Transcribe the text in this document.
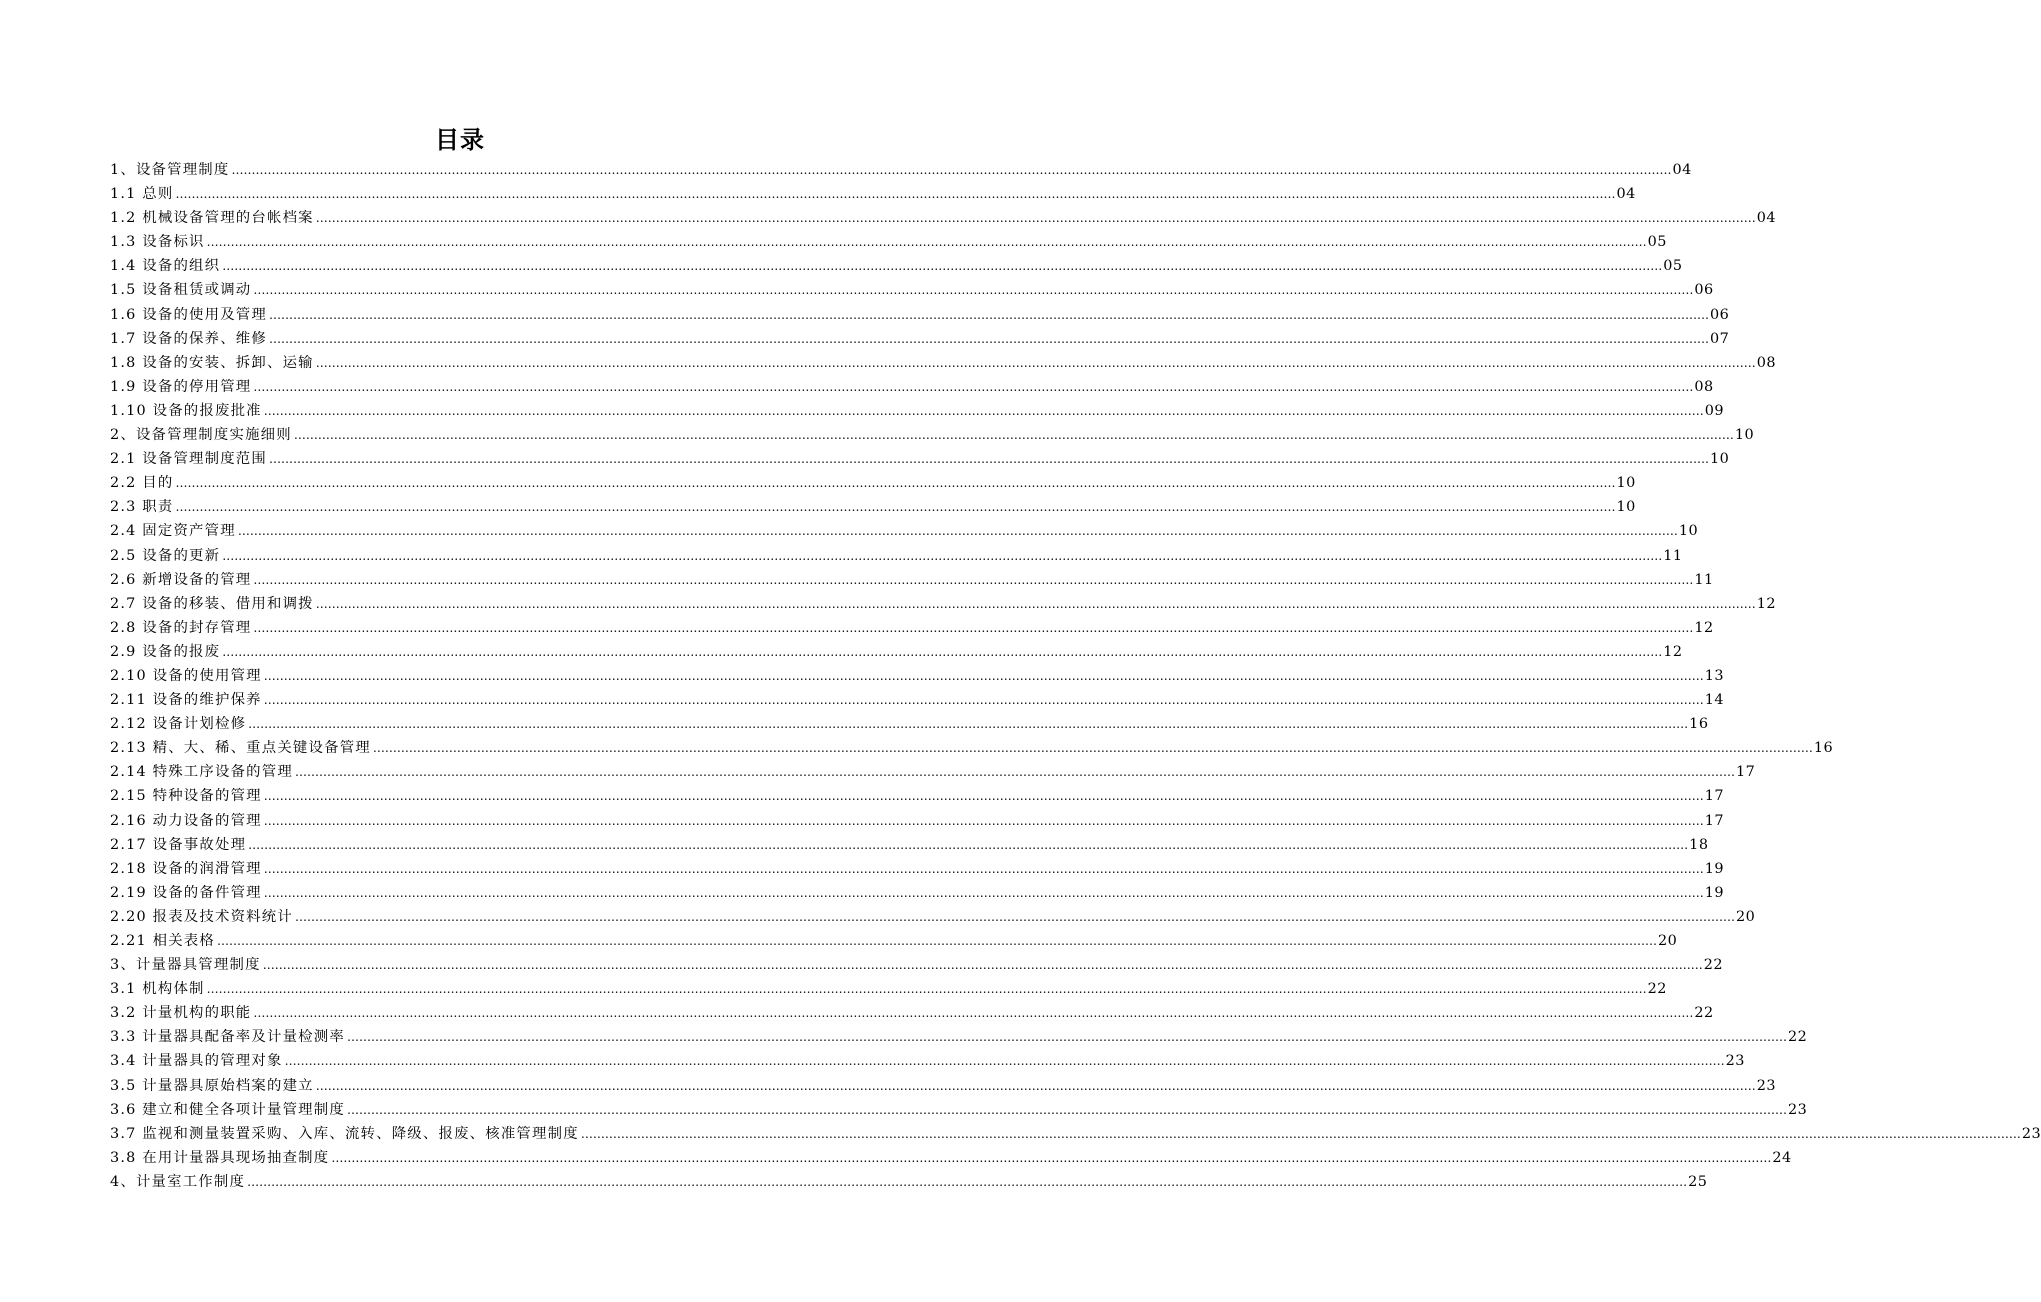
目录
1、设备管理制度 ……………………………………………………………………………………………………………………………………………………………………………………………………………………………………………………………………………………………………………………………… 04
1.1 总则 ……………………………………………………………………………………………………………………………………………………………………………………………………………………………………………………………………………………………………………………………… 04
1.2 机械设备管理的台帐档案 ……………………………………………………………………………………………………………………………………………………………………………………………………………………………………………………………………………………………………………………………… 04
1.3 设备标识 ……………………………………………………………………………………………………………………………………………………………………………………………………………………………………………………………………………………………………………………………… 05
1.4 设备的组织 ……………………………………………………………………………………………………………………………………………………………………………………………………………………………………………………………………………………………………………………………… 05
1.5 设备租赁或调动 ……………………………………………………………………………………………………………………………………………………………………………………………………………………………………………………………………………………………………………………………… 06
1.6 设备的使用及管理 ……………………………………………………………………………………………………………………………………………………………………………………………………………………………………………………………………………………………………………………………… 06
1.7 设备的保养、维修 ……………………………………………………………………………………………………………………………………………………………………………………………………………………………………………………………………………………………………………………………… 07
1.8 设备的安装、拆卸、运输 ……………………………………………………………………………………………………………………………………………………………………………………………………………………………………………………………………………………………………………………………… 08
1.9 设备的停用管理 ……………………………………………………………………………………………………………………………………………………………………………………………………………………………………………………………………………………………………………………………… 08
1.10 设备的报废批准 ……………………………………………………………………………………………………………………………………………………………………………………………………………………………………………………………………………………………………………………………… 09
2、设备管理制度实施细则 ……………………………………………………………………………………………………………………………………………………………………………………………………………………………………………………………………………………………………………………………… 10
2.1 设备管理制度范围 ……………………………………………………………………………………………………………………………………………………………………………………………………………………………………………………………………………………………………………………………… 10
2.2 目的 ……………………………………………………………………………………………………………………………………………………………………………………………………………………………………………………………………………………………………………………………… 10
2.3 职责 ……………………………………………………………………………………………………………………………………………………………………………………………………………………………………………………………………………………………………………………………… 10
2.4 固定资产管理 ……………………………………………………………………………………………………………………………………………………………………………………………………………………………………………………………………………………………………………………………… 10
2.5 设备的更新 ……………………………………………………………………………………………………………………………………………………………………………………………………………………………………………………………………………………………………………………………… 11
2.6 新增设备的管理 ……………………………………………………………………………………………………………………………………………………………………………………………………………………………………………………………………………………………………………………………… 11
2.7 设备的移装、借用和调拨 ……………………………………………………………………………………………………………………………………………………………………………………………………………………………………………………………………………………………………………………………… 12
2.8 设备的封存管理 ……………………………………………………………………………………………………………………………………………………………………………………………………………………………………………………………………………………………………………………………… 12
2.9 设备的报废 ……………………………………………………………………………………………………………………………………………………………………………………………………………………………………………………………………………………………………………………………… 12
2.10 设备的使用管理 ……………………………………………………………………………………………………………………………………………………………………………………………………………………………………………………………………………………………………………………………… 13
2.11 设备的维护保养 ……………………………………………………………………………………………………………………………………………………………………………………………………………………………………………………………………………………………………………………………… 14
2.12 设备计划检修 ……………………………………………………………………………………………………………………………………………………………………………………………………………………………………………………………………………………………………………………………… 16
2.13 精、大、稀、重点关键设备管理 ……………………………………………………………………………………………………………………………………………………………………………………………………………………………………………………………………………………………………………………………… 16
2.14 特殊工序设备的管理 ……………………………………………………………………………………………………………………………………………………………………………………………………………………………………………………………………………………………………………………………… 17
2.15 特种设备的管理 ……………………………………………………………………………………………………………………………………………………………………………………………………………………………………………………………………………………………………………………………… 17
2.16 动力设备的管理 ……………………………………………………………………………………………………………………………………………………………………………………………………………………………………………………………………………………………………………………………… 17
2.17 设备事故处理 ……………………………………………………………………………………………………………………………………………………………………………………………………………………………………………………………………………………………………………………………… 18
2.18 设备的润滑管理 ……………………………………………………………………………………………………………………………………………………………………………………………………………………………………………………………………………………………………………………………… 19
2.19 设备的备件管理 ……………………………………………………………………………………………………………………………………………………………………………………………………………………………………………………………………………………………………………………………… 19
2.20 报表及技术资料统计 ……………………………………………………………………………………………………………………………………………………………………………………………………………………………………………………………………………………………………………………………… 20
2.21 相关表格 ……………………………………………………………………………………………………………………………………………………………………………………………………………………………………………………………………………………………………………………………… 20
3、计量器具管理制度 ……………………………………………………………………………………………………………………………………………………………………………………………………………………………………………………………………………………………………………………………… 22
3.1 机构体制 ……………………………………………………………………………………………………………………………………………………………………………………………………………………………………………………………………………………………………………………………… 22
3.2 计量机构的职能 ……………………………………………………………………………………………………………………………………………………………………………………………………………………………………………………………………………………………………………………………… 22
3.3 计量器具配备率及计量检测率 ……………………………………………………………………………………………………………………………………………………………………………………………………………………………………………………………………………………………………………………………… 22
3.4 计量器具的管理对象 ……………………………………………………………………………………………………………………………………………………………………………………………………………………………………………………………………………………………………………………………… 23
3.5 计量器具原始档案的建立 ……………………………………………………………………………………………………………………………………………………………………………………………………………………………………………………………………………………………………………………………… 23
3.6 建立和健全各项计量管理制度 ……………………………………………………………………………………………………………………………………………………………………………………………………………………………………………………………………………………………………………………………… 23
3.7 监视和测量装置采购、入库、流转、降级、报废、核准管理制度 ……………………………………………………………………………………………………………………………………………………………………………………………………………………………………………………………………………………………………………………………… 23
3.8 在用计量器具现场抽查制度 ……………………………………………………………………………………………………………………………………………………………………………………………………………………………………………………………………………………………………………………………… 24
4、计量室工作制度 ……………………………………………………………………………………………………………………………………………………………………………………………………………………………………………………………………………………………………………………………… 25
